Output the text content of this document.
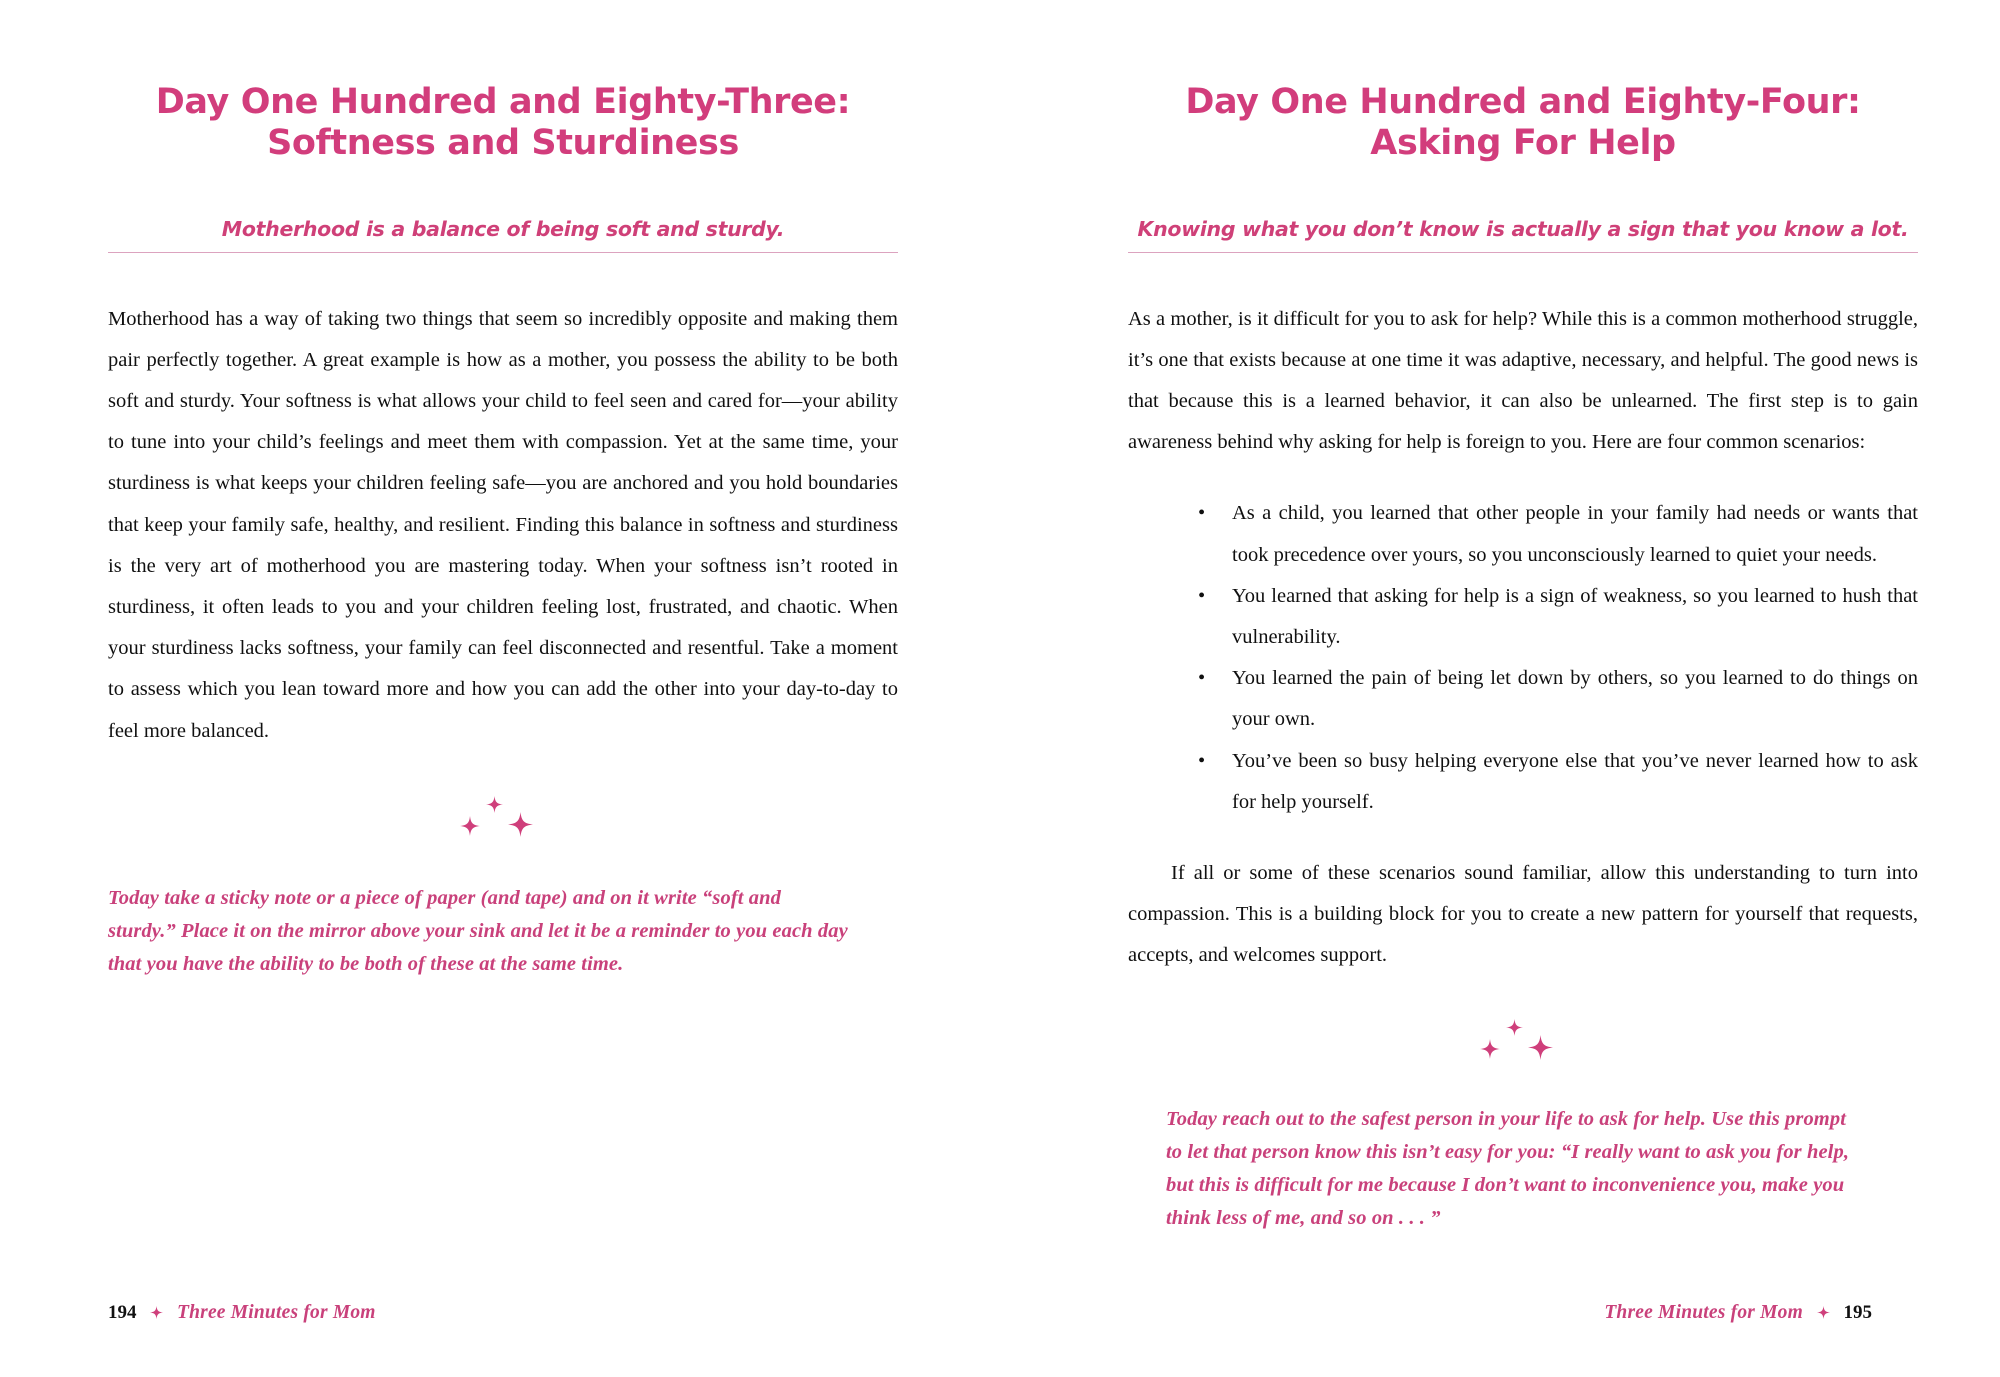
Day One Hundred and Eighty-Three:
Softness and Sturdiness
Motherhood is a balance of being soft and sturdy.

Motherhood has a way of taking two things that seem so incredibly opposite and making them pair perfectly together. A great example is how as a mother, you possess the ability to be both soft and sturdy. Your softness is what allows your child to feel seen and cared for—your ability to tune into your child’s feelings and meet them with compassion. Yet at the same time, your sturdiness is what keeps your children feeling safe—you are anchored and you hold boundaries that keep your family safe, healthy, and resilient. Finding this balance in softness and sturdiness is the very art of motherhood you are mastering today. When your softness isn’t rooted in sturdiness, it often leads to you and your children feeling lost, frustrated, and chaotic. When your sturdiness lacks softness, your family can feel disconnected and resentful. Take a moment to assess which you lean toward more and how you can add the other into your day-to-day to feel more balanced.

Today take a sticky note or a piece of paper (and tape) and on it write “soft and sturdy.” Place it on the mirror above your sink and let it be a reminder to you each day that you have the ability to be both of these at the same time.

194 Three Minutes for Mom
Day One Hundred and Eighty-Four:
Asking For Help
Knowing what you don’t know is actually a sign that you know a lot.

As a mother, is it difficult for you to ask for help? While this is a common motherhood struggle, it’s one that exists because at one time it was adaptive, necessary, and helpful. The good news is that because this is a learned behavior, it can also be unlearned. The first step is to gain awareness behind why asking for help is foreign to you. Here are four common scenarios:

• As a child, you learned that other people in your family had needs or wants that took precedence over yours, so you unconsciously learned to quiet your needs.
• You learned that asking for help is a sign of weakness, so you learned to hush that vulnerability.
• You learned the pain of being let down by others, so you learned to do things on your own.
• You’ve been so busy helping everyone else that you’ve never learned how to ask for help yourself.

If all or some of these scenarios sound familiar, allow this understanding to turn into compassion. This is a building block for you to create a new pattern for yourself that requests, accepts, and welcomes support.

Today reach out to the safest person in your life to ask for help. Use this prompt to let that person know this isn’t easy for you: “I really want to ask you for help, but this is difficult for me because I don’t want to inconvenience you, make you think less of me, and so on . . . ”

Three Minutes for Mom 195
